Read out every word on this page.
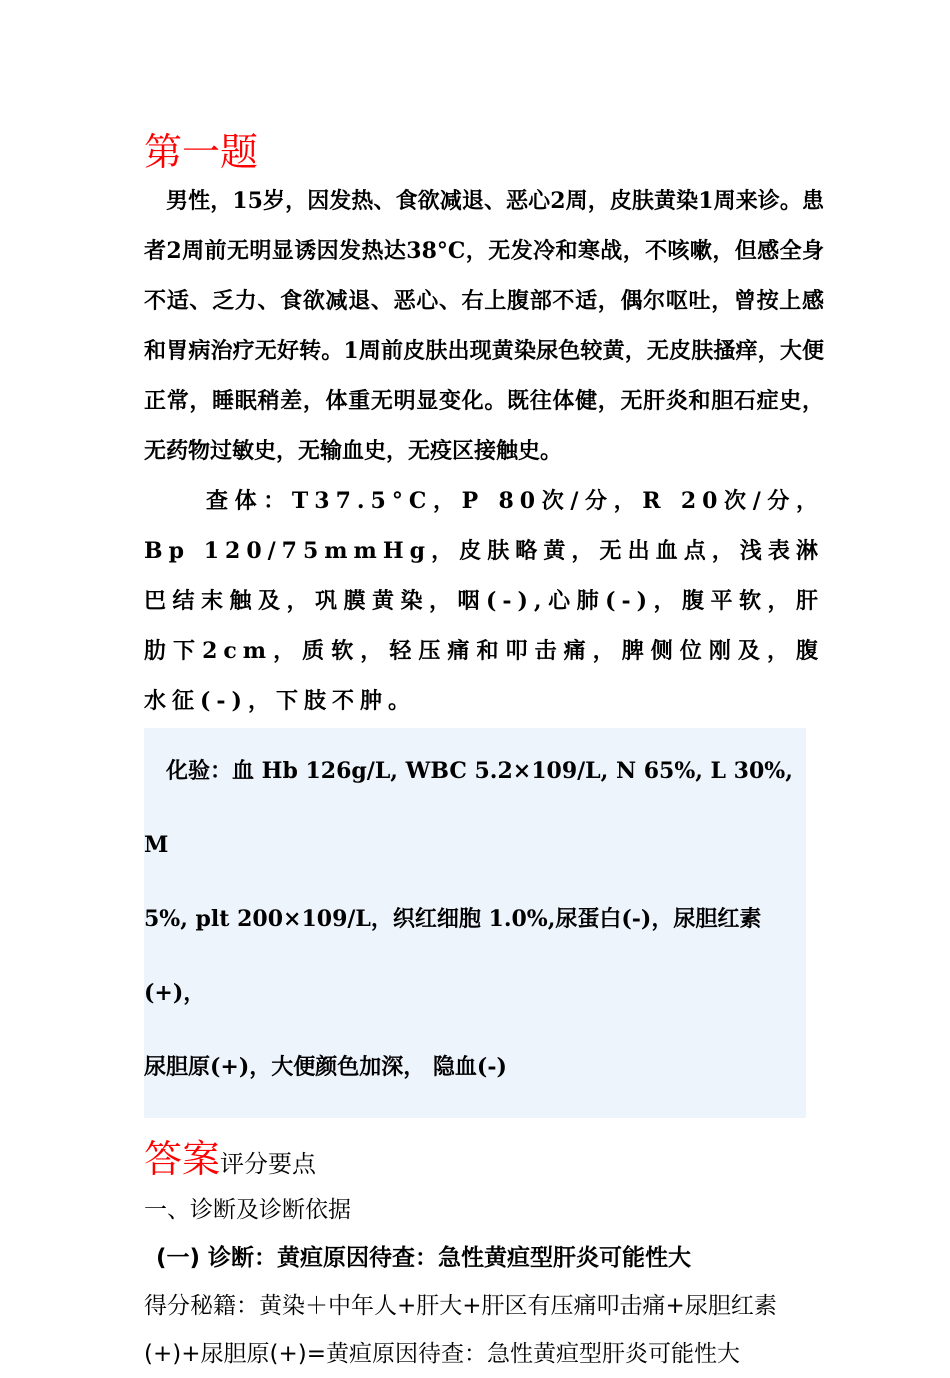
第一题

男性，15岁，因发热、食欲减退、恶心2周，皮肤黄染1周来诊。患者2周前无明显诱因发热达38°C，无发冷和寒战，不咳嗽，但感全身不适、乏力、食欲减退、恶心、右上腹部不适，偶尔呕吐，曾按上感和胃病治疗无好转。1周前皮肤出现黄染尿色较黄，无皮肤搔痒，大便正常，睡眠稍差，体重无明显变化。既往体健，无肝炎和胆石症史，无药物过敏史，无输血史，无疫区接触史。

查体：T37.5°C，P 80次/分，R 20次/分，Bp 120/75mmHg，皮肤略黄，无出血点，浅表淋巴结末触及，巩膜黄染，咽(-),心肺(-)，腹平软，肝肋下2cm，质软，轻压痛和叩击痛，脾侧位刚及，腹水征(-)，下肢不肿。

化验：血 Hb 126g/L, WBC 5.2×109/L, N 65%, L 30%, M

5%, plt 200×109/L，织红细胞 1.0%,尿蛋白(-)，尿胆红素(+)，

尿胆原(+)，大便颜色加深， 隐血(-)

答案 评分要点

一、诊断及诊断依据

(一) 诊断：黄疸原因待查：急性黄疸型肝炎可能性大

得分秘籍：黄染＋中年人+肝大+肝区有压痛叩击痛+尿胆红素(+)+尿胆原(+)=黄疸原因待查：急性黄疸型肝炎可能性大
